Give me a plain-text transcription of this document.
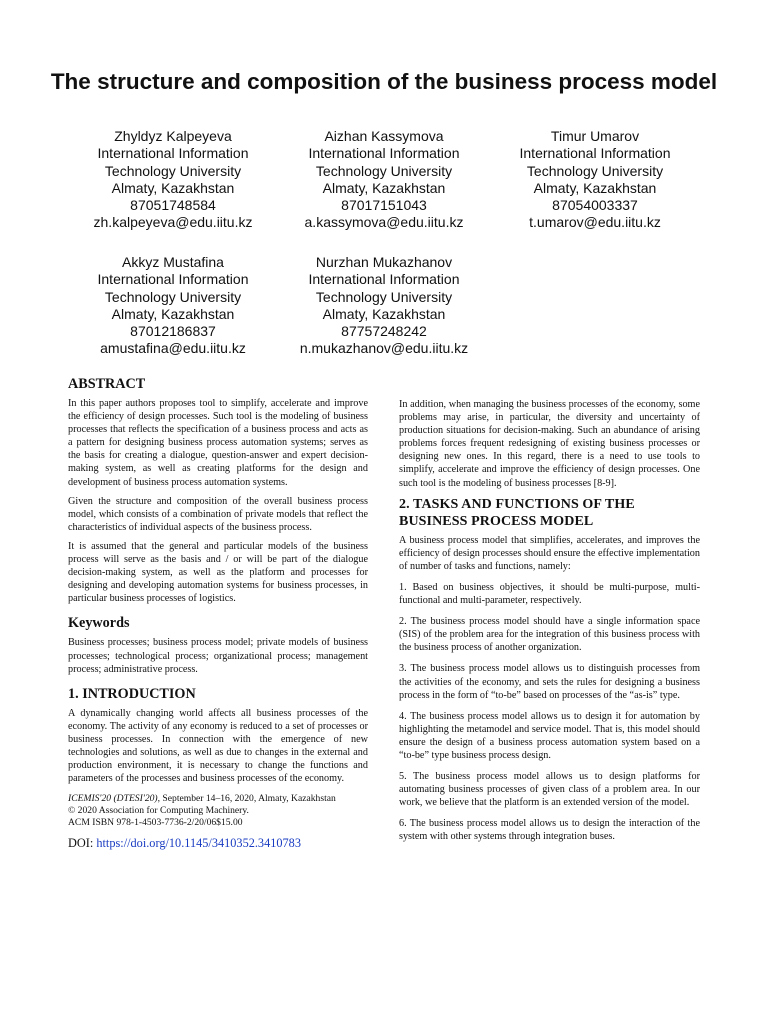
The structure and composition of the business process model
Zhyldyz Kalpeyeva
International Information
Technology University
Almaty, Kazakhstan
87051748584
zh.kalpeyeva@edu.iitu.kz
Aizhan Kassymova
International Information
Technology University
Almaty, Kazakhstan
87017151043
a.kassymova@edu.iitu.kz
Timur Umarov
International Information
Technology University
Almaty, Kazakhstan
87054003337
t.umarov@edu.iitu.kz
Akkyz Mustafina
International Information
Technology University
Almaty, Kazakhstan
87012186837
amustafina@edu.iitu.kz
Nurzhan Mukazhanov
International Information
Technology University
Almaty, Kazakhstan
87757248242
n.mukazhanov@edu.iitu.kz
ABSTRACT

In this paper authors proposes tool to simplify, accelerate and improve the efficiency of design processes. Such tool is the modeling of business processes that reflects the specification of a business process and acts as a pattern for designing business process automation systems; serves as the basis for creating a dialogue, question-answer and expert decision-making system, as well as creating platforms for the design and development of business process automation systems.

Given the structure and composition of the overall business process model, which consists of a combination of private models that reflect the characteristics of individual aspects of the business process.

It is assumed that the general and particular models of the business process will serve as the basis and / or will be part of the dialogue decision-making system, as well as the platform and processes for designing and developing automation systems for business processes, in particular business processes of logistics.

Keywords

Business processes; business process model; private models of business processes; technological process; organizational process; management process; administrative process.

1. INTRODUCTION

A dynamically changing world affects all business processes of the economy. The activity of any economy is reduced to a set of processes or business processes. In connection with the emergence of new technologies and solutions, as well as due to changes in the external and production environment, it is necessary to change the functions and parameters of the processes and business processes of the economy.

ICEMIS'20 (DTESI'20), September 14–16, 2020, Almaty, Kazakhstan

© 2020 Association for Computing Machinery.

ACM ISBN 978-1-4503-7736-2/20/06$15.00

DOI: https://doi.org/10.1145/3410352.3410783

In addition, when managing the business processes of the economy, some problems may arise, in particular, the diversity and uncertainty of production situations for decision-making. Such an abundance of arising problems forces frequent redesigning of existing business processes or designing new ones. In this regard, there is a need to use tools to simplify, accelerate and improve the efficiency of design processes. One such tool is the modeling of business processes [8-9].

2. TASKS AND FUNCTIONS OF THE BUSINESS PROCESS MODEL

A business process model that simplifies, accelerates, and improves the efficiency of design processes should ensure the effective implementation of number of tasks and functions, namely:

1. Based on business objectives, it should be multi-purpose, multi-functional and multi-parameter, respectively.

2. The business process model should have a single information space (SIS) of the problem area for the integration of this business process with the business process of another organization.

3. The business process model allows us to distinguish processes from the activities of the economy, and sets the rules for designing a business process in the form of “to-be” based on processes of the “as-is” type.

4. The business process model allows us to design it for automation by highlighting the metamodel and service model. That is, this model should ensure the design of a business process automation system based on a “to-be” type business process design.

5. The business process model allows us to design platforms for automating business processes of given class of a problem area. In our work, we believe that the platform is an extended version of the model.

6. The business process model allows us to design the interaction of the system with other systems through integration buses.
